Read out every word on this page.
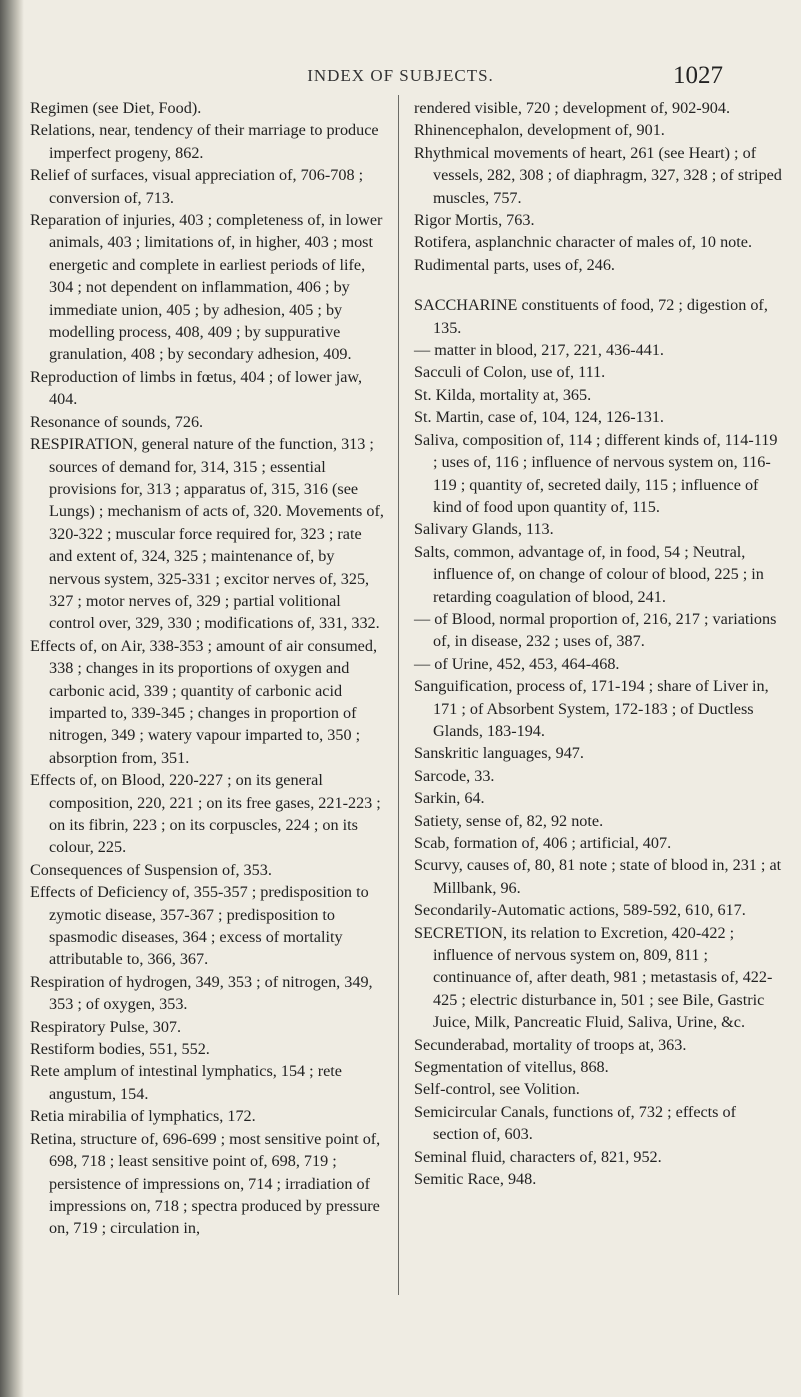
INDEX OF SUBJECTS.	1027

Regimen (see Diet, Food).

Relations, near, tendency of their marriage to produce imperfect progeny, 862.

Relief of surfaces, visual appreciation of, 706-708 ; conversion of, 713.

Reparation of injuries, 403 ; completeness of, in lower animals, 403 ; limitations of, in higher, 403 ; most energetic and complete in earliest periods of life, 304 ; not dependent on inflammation, 406 ; by immediate union, 405 ; by adhesion, 405 ; by modelling process, 408, 409 ; by suppurative granulation, 408 ; by secondary adhesion, 409.

Reproduction of limbs in fœtus, 404 ; of lower jaw, 404.

Resonance of sounds, 726.

RESPIRATION, general nature of the function, 313 ; sources of demand for, 314, 315 ; essential provisions for, 313 ; apparatus of, 315, 316 (see Lungs) ; mechanism of acts of, 320. Movements of, 320-322 ; muscular force required for, 323 ; rate and extent of, 324, 325 ; maintenance of, by nervous system, 325-331 ; excitor nerves of, 325, 327 ; motor nerves of, 329 ; partial volitional control over, 329, 330 ; modifications of, 331, 332.

Effects of, on Air, 338-353 ; amount of air consumed, 338 ; changes in its proportions of oxygen and carbonic acid, 339 ; quantity of carbonic acid imparted to, 339-345 ; changes in proportion of nitrogen, 349 ; watery vapour imparted to, 350 ; absorption from, 351.

Effects of, on Blood, 220-227 ; on its general composition, 220, 221 ; on its free gases, 221-223 ; on its fibrin, 223 ; on its corpuscles, 224 ; on its colour, 225.

Consequences of Suspension of, 353.

Effects of Deficiency of, 355-357 ; predisposition to zymotic disease, 357-367 ; predisposition to spasmodic diseases, 364 ; excess of mortality attributable to, 366, 367.

Respiration of hydrogen, 349, 353 ; of nitrogen, 349, 353 ; of oxygen, 353.

Respiratory Pulse, 307.

Restiform bodies, 551, 552.

Rete amplum of intestinal lymphatics, 154 ; rete angustum, 154.

Retia mirabilia of lymphatics, 172.

Retina, structure of, 696-699 ; most sensitive point of, 698, 718 ; least sensitive point of, 698, 719 ; persistence of impressions on, 714 ; irradiation of impressions on, 718 ; spectra produced by pressure on, 719 ; circulation in,

rendered visible, 720 ; development of, 902-904.

Rhinencephalon, development of, 901.

Rhythmical movements of heart, 261 (see Heart) ; of vessels, 282, 308 ; of diaphragm, 327, 328 ; of striped muscles, 757.

Rigor Mortis, 763.

Rotifera, asplanchnic character of males of, 10 note.

Rudimental parts, uses of, 246.

SACCHARINE constituents of food, 72 ; digestion of, 135.

— matter in blood, 217, 221, 436-441.

Sacculi of Colon, use of, 111.

St. Kilda, mortality at, 365.

St. Martin, case of, 104, 124, 126-131.

Saliva, composition of, 114 ; different kinds of, 114-119 ; uses of, 116 ; influence of nervous system on, 116-119 ; quantity of, secreted daily, 115 ; influence of kind of food upon quantity of, 115.

Salivary Glands, 113.

Salts, common, advantage of, in food, 54 ; Neutral, influence of, on change of colour of blood, 225 ; in retarding coagulation of blood, 241.

— of Blood, normal proportion of, 216, 217 ; variations of, in disease, 232 ; uses of, 387.

— of Urine, 452, 453, 464-468.

Sanguification, process of, 171-194 ; share of Liver in, 171 ; of Absorbent System, 172-183 ; of Ductless Glands, 183-194.

Sanskritic languages, 947.

Sarcode, 33.

Sarkin, 64.

Satiety, sense of, 82, 92 note.

Scab, formation of, 406 ; artificial, 407.

Scurvy, causes of, 80, 81 note ; state of blood in, 231 ; at Millbank, 96.

Secondarily-Automatic actions, 589-592, 610, 617.

SECRETION, its relation to Excretion, 420-422 ; influence of nervous system on, 809, 811 ; continuance of, after death, 981 ; metastasis of, 422-425 ; electric disturbance in, 501 ; see Bile, Gastric Juice, Milk, Pancreatic Fluid, Saliva, Urine, &c.

Secunderabad, mortality of troops at, 363.

Segmentation of vitellus, 868.

Self-control, see Volition.

Semicircular Canals, functions of, 732 ; effects of section of, 603.

Seminal fluid, characters of, 821, 952.

Semitic Race, 948.
